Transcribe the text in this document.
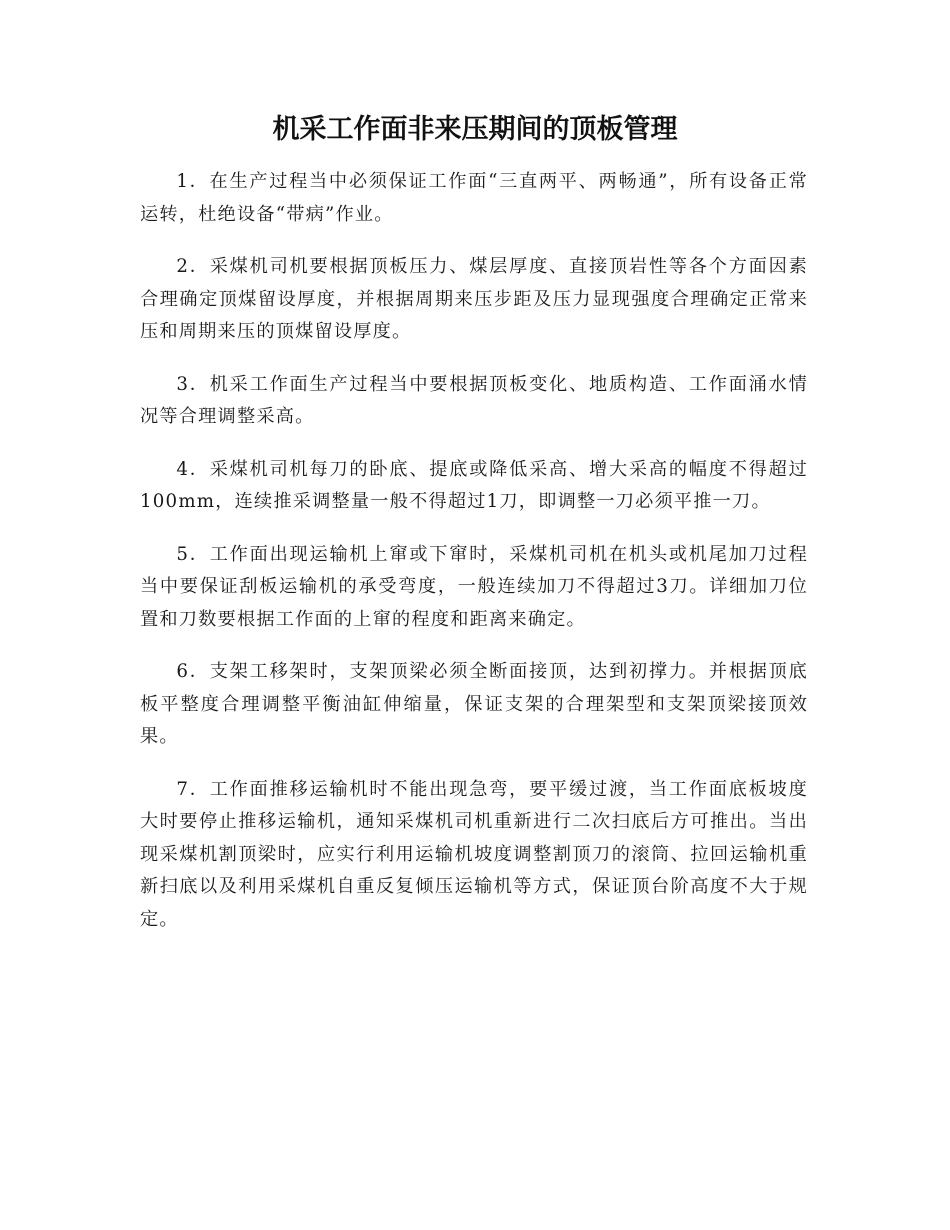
机采工作面非来压期间的顶板管理

1．在生产过程当中必须保证工作面“三直两平、两畅通”，所有设备正常运转，杜绝设备“带病”作业。

2．采煤机司机要根据顶板压力、煤层厚度、直接顶岩性等各个方面因素合理确定顶煤留设厚度，并根据周期来压步距及压力显现强度合理确定正常来压和周期来压的顶煤留设厚度。

3．机采工作面生产过程当中要根据顶板变化、地质构造、工作面涌水情况等合理调整采高。

4．采煤机司机每刀的卧底、提底或降低采高、增大采高的幅度不得超过100mm，连续推采调整量一般不得超过1刀，即调整一刀必须平推一刀。

5．工作面出现运输机上窜或下窜时，采煤机司机在机头或机尾加刀过程当中要保证刮板运输机的承受弯度，一般连续加刀不得超过3刀。详细加刀位置和刀数要根据工作面的上窜的程度和距离来确定。

6．支架工移架时，支架顶梁必须全断面接顶，达到初撑力。并根据顶底板平整度合理调整平衡油缸伸缩量，保证支架的合理架型和支架顶梁接顶效果。

7．工作面推移运输机时不能出现急弯，要平缓过渡，当工作面底板坡度大时要停止推移运输机，通知采煤机司机重新进行二次扫底后方可推出。当出现采煤机割顶梁时，应实行利用运输机坡度调整割顶刀的滚筒、拉回运输机重新扫底以及利用采煤机自重反复倾压运输机等方式，保证顶台阶高度不大于规定。
